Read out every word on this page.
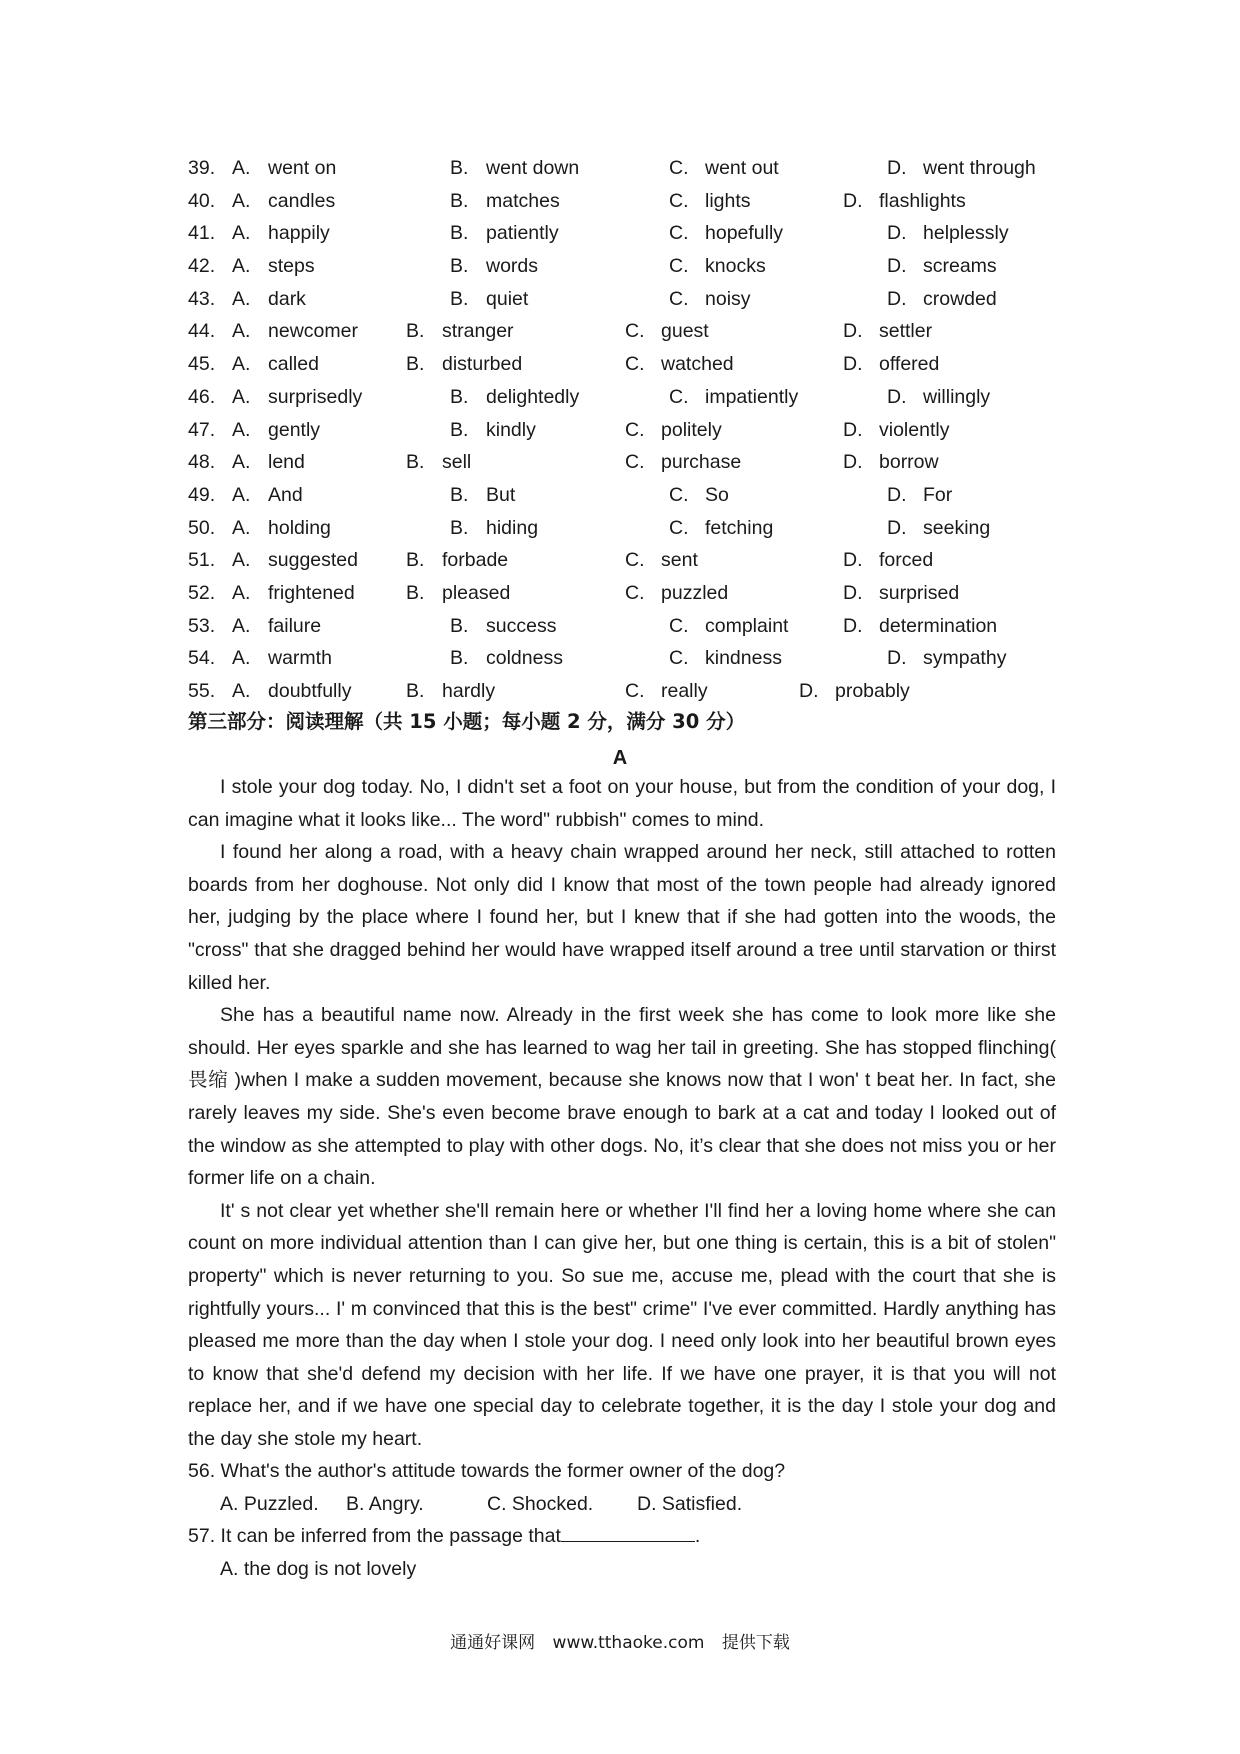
39. A. went on	B. went down	C. went out	D. went through
40. A. candles	B. matches	C. lights	D. flashlights
41. A. happily	B. patiently	C. hopefully	D. helplessly
42. A. steps	B. words	C. knocks	D. screams
43. A. dark	B. quiet	C. noisy	D. crowded
44. A. newcomer B. stranger	C. guest	D. settler
45. A. called	B. disturbed	C. watched	D. offered
46. A. surprisedly	B. delightedly	C. impatiently	D. willingly
47. A. gently	B. kindly	C. politely	D. violently
48. A. lend	B. sell	C. purchase	D. borrow
49. A. And	B. But	C. So	D. For
50. A. holding	B. hiding	C. fetching	D. seeking
51. A. suggested B. forbade	C. sent	D. forced
52. A. frightened	B. pleased	C. puzzled	D. surprised
53. A. failure	B. success	C. complaint	D. determination
54. A. warmth	B. coldness	C. kindness	D. sympathy
55. A. doubtfully	B. hardly	C. really	D. probably
第三部分：阅读理解（共 15 小题；每小题 2 分，满分 30 分）
A

I stole your dog today. No, I didn't set a foot on your house, but from the condition of your dog, I can imagine what it looks like... The word" rubbish" comes to mind.

I found her along a road, with a heavy chain wrapped around her neck, still attached to rotten boards from her doghouse. Not only did I know that most of the town people had already ignored her, judging by the place where I found her, but I knew that if she had gotten into the woods, the "cross" that she dragged behind her would have wrapped itself around a tree until starvation or thirst killed her.

She has a beautiful name now. Already in the first week she has come to look more like she should. Her eyes sparkle and she has learned to wag her tail in greeting. She has stopped flinching( 畏缩 )when I make a sudden movement, because she knows now that I won' t beat her. In fact, she rarely leaves my side. She's even become brave enough to bark at a cat and today I looked out of the window as she attempted to play with other dogs. No, it’s clear that she does not miss you or her former life on a chain.

It' s not clear yet whether she'll remain here or whether I'll find her a loving home where she can count on more individual attention than I can give her, but one thing is certain, this is a bit of stolen" property" which is never returning to you. So sue me, accuse me, plead with the court that she is rightfully yours... I' m convinced that this is the best" crime" I've ever committed. Hardly anything has pleased me more than the day when I stole your dog. I need only look into her beautiful brown eyes to know that she'd defend my decision with her life. If we have one prayer, it is that you will not replace her, and if we have one special day to celebrate together, it is the day I stole your dog and the day she stole my heart.

56. What's the author's attitude towards the former owner of the dog?
A. Puzzled. B. Angry.	C. Shocked. D. Satisfied.
57. It can be inferred from the passage that	.
A. the dog is not lovely
通通好课网 www.tthaoke.com 提供下载
